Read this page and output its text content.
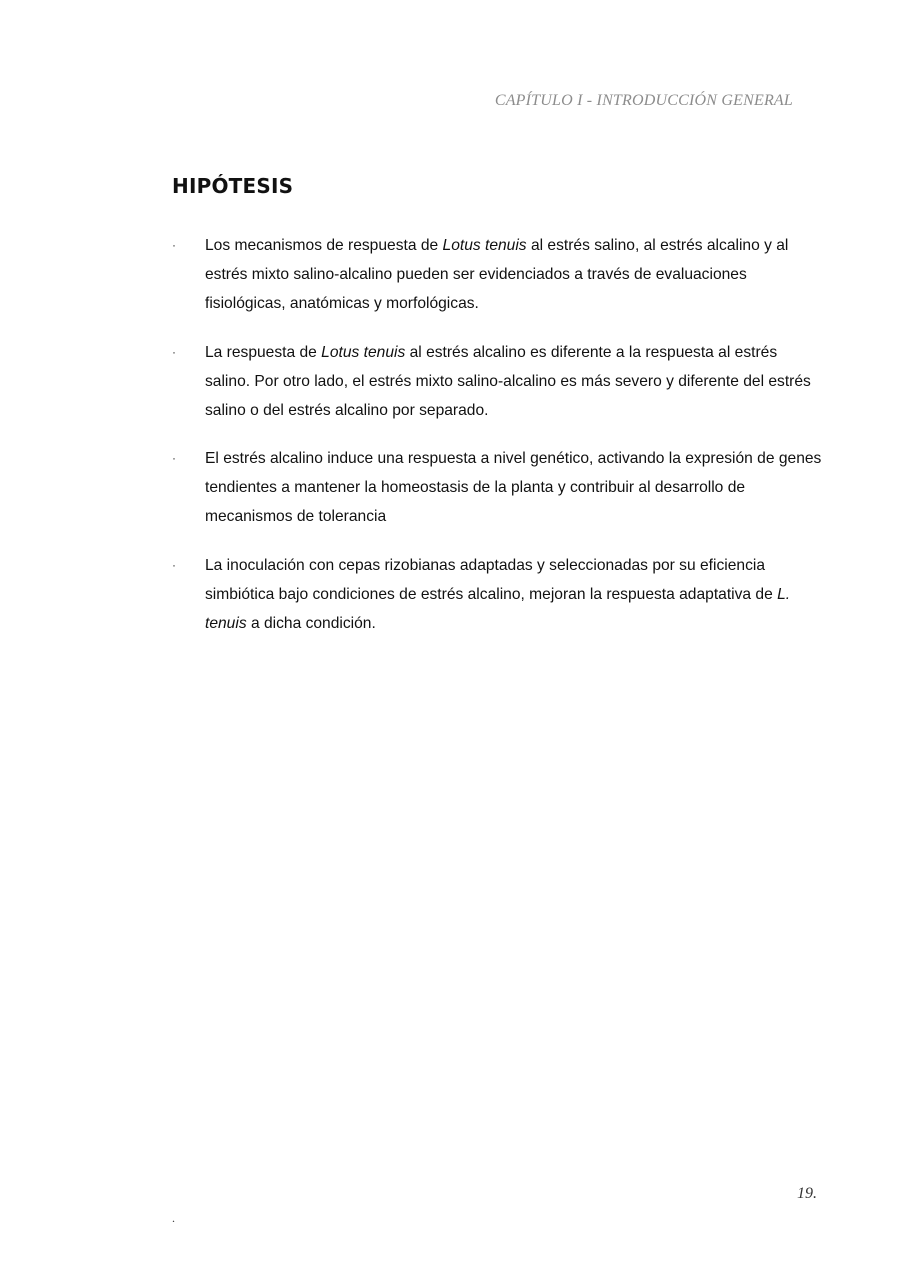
CAPÍTULO I - INTRODUCCIÓN GENERAL
HIPÓTESIS
· Los mecanismos de respuesta de Lotus tenuis al estrés salino, al estrés alcalino y al estrés mixto salino-alcalino pueden ser evidenciados a través de evaluaciones fisiológicas, anatómicas y morfológicas.
· La respuesta de Lotus tenuis al estrés alcalino es diferente a la respuesta al estrés salino. Por otro lado, el estrés mixto salino-alcalino es más severo y diferente del estrés salino o del estrés alcalino por separado.
· El estrés alcalino induce una respuesta a nivel genético, activando la expresión de genes tendientes a mantener la homeostasis de la planta y contribuir al desarrollo de mecanismos de tolerancia
· La inoculación con cepas rizobianas adaptadas y seleccionadas por su eficiencia simbiótica bajo condiciones de estrés alcalino, mejoran la respuesta adaptativa de L. tenuis a dicha condición.
19.
.
